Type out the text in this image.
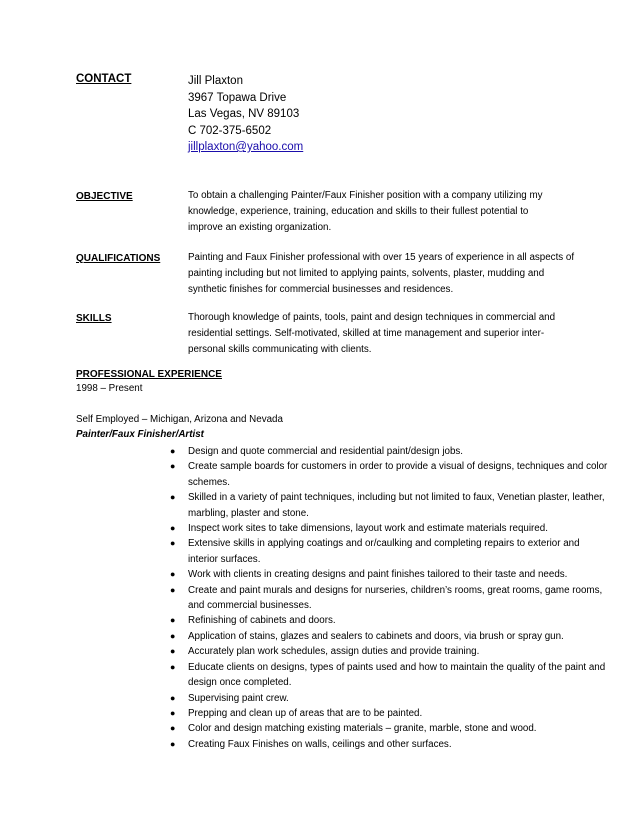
CONTACT	Jill Plaxton
3967 Topawa Drive
Las Vegas, NV 89103
C 702-375-6502
jillplaxton@yahoo.com
OBJECTIVE	To obtain a challenging Painter/Faux Finisher position with a company utilizing my
knowledge, experience, training, education and skills to their fullest potential to
improve an existing organization.
QUALIFICATIONS	Painting and Faux Finisher professional with over 15 years of experience in all aspects of
painting including but not limited to applying paints, solvents, plaster, mudding and
synthetic finishes for commercial businesses and residences.
SKILLS	Thorough knowledge of paints, tools, paint and design techniques in commercial and
residential settings. Self-motivated, skilled at time management and superior inter-
personal skills communicating with clients.
PROFESSIONAL EXPERIENCE
1998 – Present
Self Employed – Michigan, Arizona and Nevada
Painter/Faux Finisher/Artist
● Design and quote commercial and residential paint/design jobs.
● Create sample boards for customers in order to provide a visual of designs, techniques and color schemes.
● Skilled in a variety of paint techniques, including but not limited to faux, Venetian plaster, leather, marbling, plaster and stone.
● Inspect work sites to take dimensions, layout work and estimate materials required.
● Extensive skills in applying coatings and or/caulking and completing repairs to exterior and interior surfaces.
● Work with clients in creating designs and paint finishes tailored to their taste and needs.
● Create and paint murals and designs for nurseries, children’s rooms, great rooms, game rooms, and commercial businesses.
● Refinishing of cabinets and doors.
● Application of stains, glazes and sealers to cabinets and doors, via brush or spray gun.
● Accurately plan work schedules, assign duties and provide training.
● Educate clients on designs, types of paints used and how to maintain the quality of the paint and design once completed.
● Supervising paint crew.
● Prepping and clean up of areas that are to be painted.
● Color and design matching existing materials – granite, marble, stone and wood.
● Creating Faux Finishes on walls, ceilings and other surfaces.
